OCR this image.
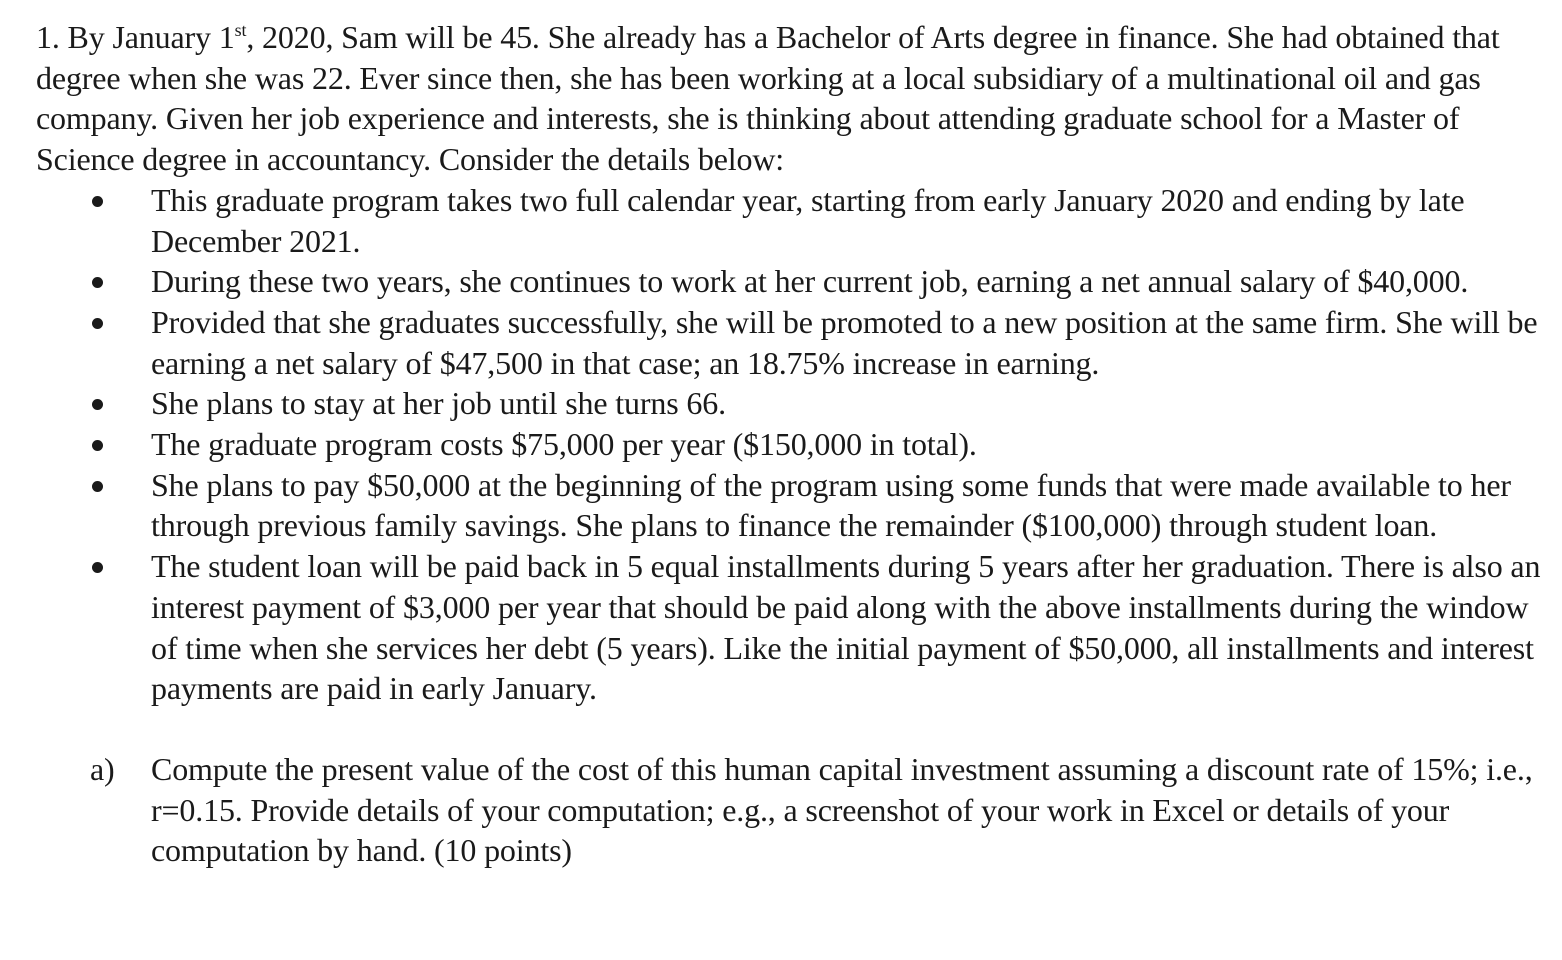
1. By January 1st, 2020, Sam will be 45. She already has a Bachelor of Arts degree in finance. She had obtained that degree when she was 22. Ever since then, she has been working at a local subsidiary of a multinational oil and gas company. Given her job experience and interests, she is thinking about attending graduate school for a Master of Science degree in accountancy. Consider the details below:

This graduate program takes two full calendar year, starting from early January 2020 and ending by late December 2021.
During these two years, she continues to work at her current job, earning a net annual salary of $40,000.
Provided that she graduates successfully, she will be promoted to a new position at the same firm. She will be earning a net salary of $47,500 in that case; an 18.75% increase in earning.
She plans to stay at her job until she turns 66.
The graduate program costs $75,000 per year ($150,000 in total).
She plans to pay $50,000 at the beginning of the program using some funds that were made available to her through previous family savings. She plans to finance the remainder ($100,000) through student loan.
The student loan will be paid back in 5 equal installments during 5 years after her graduation. There is also an interest payment of $3,000 per year that should be paid along with the above installments during the window of time when she services her debt (5 years). Like the initial payment of $50,000, all installments and interest payments are paid in early January.
a) Compute the present value of the cost of this human capital investment assuming a discount rate of 15%; i.e., r=0.15. Provide details of your computation; e.g., a screenshot of your work in Excel or details of your computation by hand. (10 points)
